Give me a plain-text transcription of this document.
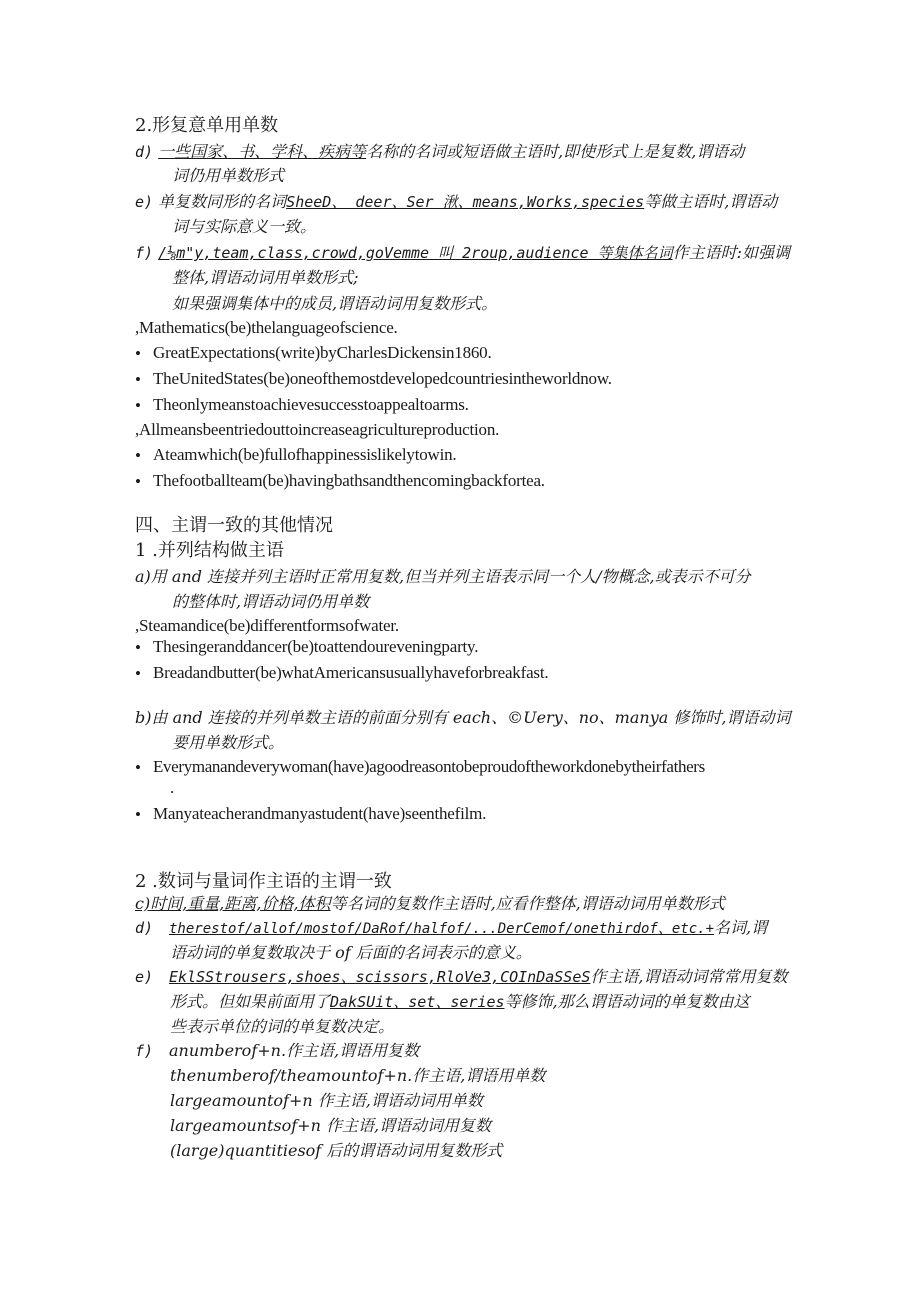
2.形复意单用单数
d) 一些国家、书、学科、疾病等名称的名词或短语做主语时,即使形式上是复数,谓语动
词仍用单数形式
e) 单复数同形的名词SheeD、 deer、Ser 湫、means,Works,species等做主语时,谓语动
词与实际意义一致。
f) /⅛m"y,team,class,crowd,goVemme 叫 2roup,audience 等集体名词作主语时:如强调
整体,谓语动词用单数形式;
如果强调集体中的成员,谓语动词用复数形式。
,Mathematics(be)thelanguageofscience.
• GreatExpectations(write)byCharlesDickensin1860.
• TheUnitedStates(be)oneofthemostdevelopedcountriesintheworldnow.
• Theonlymeanstoachievesuccesstoappealtoarms.
,Allmeansbeentriedouttoincreaseagricultureproduction.
• Ateamwhich(be)fullofhappinessislikelytowin.
• Thefootballteam(be)havingbathsandthencomingbackfortea.
四、主谓一致的其他情况
1 .并列结构做主语
a)用 and 连接并列主语时正常用复数,但当并列主语表示同一个人/物概念,或表示不可分
的整体时,谓语动词仍用单数
,Steamandice(be)differentformsofwater.
• Thesingeranddancer(be)toattendoureveningparty.
• Breadandbutter(be)whatAmericansusuallyhaveforbreakfast.
b)由 and 连接的并列单数主语的前面分别有 each、©Uery、no、manya 修饰时,谓语动词
要用单数形式。
• Everymanandeverywoman(have)agoodreasontobeproudoftheworkdonebytheirfathers
.
• Manyateacherandmanyastudent(have)seenthefilm.
2 .数词与量词作主语的主谓一致
c)时间,重量,距离,价格,体积等名词的复数作主语时,应看作整体,谓语动词用单数形式
d) therestof/allof/mostof/DaRof/halfof/...DerCemof/onethirdof、etc.+名词,谓
语动词的单复数取决于 of 后面的名词表示的意义。
e) EklSStrousers,shoes、scissors,RloVe3,COInDaSSeS作主语,谓语动词常常用复数
形式。但如果前面用了DakSUit、set、series等修饰,那么谓语动词的单复数由这
些表示单位的词的单复数决定。
f) anumberof+n.作主语,谓语用复数
thenumberof/theamountof+n.作主语,谓语用单数
largeamountof+n 作主语,谓语动词用单数
largeamountsof+n 作主语,谓语动词用复数
(large)quantitiesof 后的谓语动词用复数形式
